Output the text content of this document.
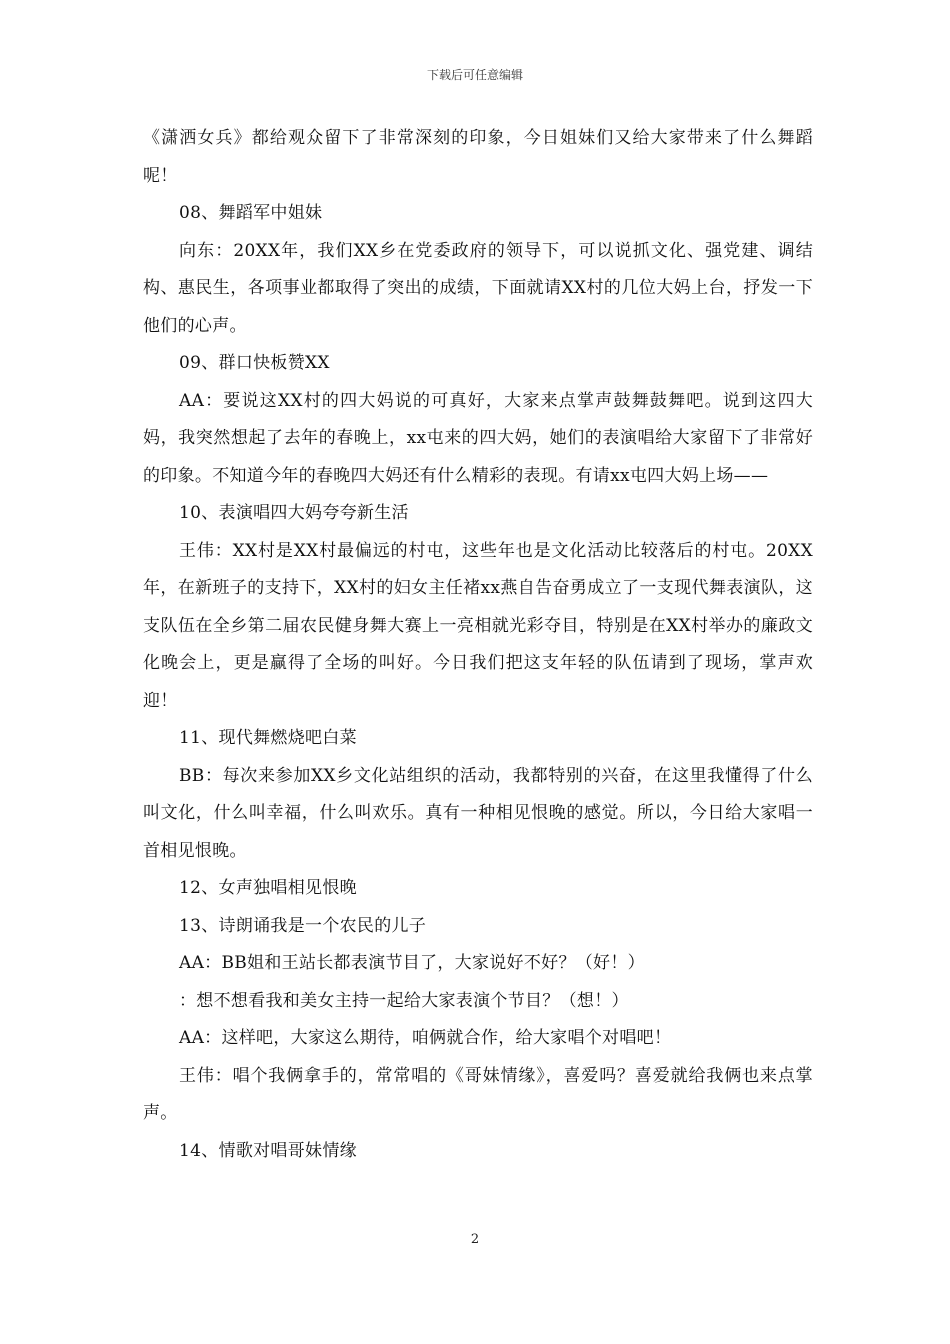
下载后可任意编辑

《潇洒女兵》都给观众留下了非常深刻的印象，今日姐妹们又给大家带来了什么舞蹈呢！

08、舞蹈军中姐妹

向东：20XX年，我们XX乡在党委政府的领导下，可以说抓文化、强党建、调结构、惠民生，各项事业都取得了突出的成绩，下面就请XX村的几位大妈上台，抒发一下他们的心声。

09、群口快板赞XX

AA：要说这XX村的四大妈说的可真好，大家来点掌声鼓舞鼓舞吧。说到这四大妈，我突然想起了去年的春晚上，xx屯来的四大妈，她们的表演唱给大家留下了非常好的印象。不知道今年的春晚四大妈还有什么精彩的表现。有请xx屯四大妈上场——

10、表演唱四大妈夸夸新生活

王伟：XX村是XX村最偏远的村屯，这些年也是文化活动比较落后的村屯。20XX年，在新班子的支持下，XX村的妇女主任褚xx燕自告奋勇成立了一支现代舞表演队，这支队伍在全乡第二届农民健身舞大赛上一亮相就光彩夺目，特别是在XX村举办的廉政文化晚会上，更是赢得了全场的叫好。今日我们把这支年轻的队伍请到了现场，掌声欢迎！

11、现代舞燃烧吧白菜

BB：每次来参加XX乡文化站组织的活动，我都特别的兴奋，在这里我懂得了什么叫文化，什么叫幸福，什么叫欢乐。真有一种相见恨晚的感觉。所以，今日给大家唱一首相见恨晚。

12、女声独唱相见恨晚

13、诗朗诵我是一个农民的儿子

AA：BB姐和王站长都表演节目了，大家说好不好？（好！）

：想不想看我和美女主持一起给大家表演个节目？（想！）

AA：这样吧，大家这么期待，咱俩就合作，给大家唱个对唱吧！

王伟：唱个我俩拿手的，常常唱的《哥妹情缘》，喜爱吗？喜爱就给我俩也来点掌声。

14、情歌对唱哥妹情缘

2
